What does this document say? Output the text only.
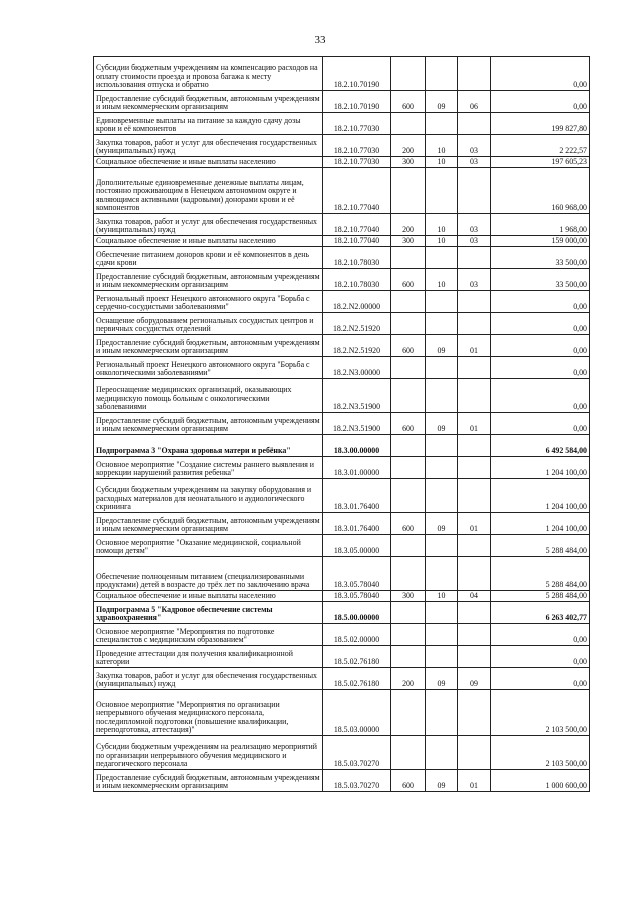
33
Субсидии бюджетным учреждениям на компенсацию расходов на оплату стоимости проезда и провоза багажа к месту использования отпуска и обратно	18.2.10.70190				0,00
Предоставление субсидий бюджетным, автономным учреждениям и иным некоммерческим организациям	18.2.10.70190	600	09	06	0,00
Единовременные выплаты на питание за каждую сдачу дозы крови и её компонентов	18.2.10.77030				199 827,80
Закупка товаров, работ и услуг для обеспечения государственных (муниципальных) нужд	18.2.10.77030	200	10	03	2 222,57
Социальное обеспечение и иные выплаты населению	18.2.10.77030	300	10	03	197 605,23
Дополнительные единовременные денежные выплаты лицам, постоянно проживающим в Ненецком автономном округе и являющимся активными (кадровыми) донорами крови и её компонентов	18.2.10.77040				160 968,00
Закупка товаров, работ и услуг для обеспечения государственных (муниципальных) нужд	18.2.10.77040	200	10	03	1 968,00
Социальное обеспечение и иные выплаты населению	18.2.10.77040	300	10	03	159 000,00
Обеспечение питанием доноров крови и её компонентов в день сдачи крови	18.2.10.78030				33 500,00
Предоставление субсидий бюджетным, автономным учреждениям и иным некоммерческим организациям	18.2.10.78030	600	10	03	33 500,00
Региональный проект Ненецкого автономного округа "Борьба с сердечно-сосудистыми заболеваниями"	18.2.N2.00000				0,00
Оснащение оборудованием региональных сосудистых центров и первичных сосудистых отделений	18.2.N2.51920				0,00
Предоставление субсидий бюджетным, автономным учреждениям и иным некоммерческим организациям	18.2.N2.51920	600	09	01	0,00
Региональный проект Ненецкого автономного округа "Борьба с онкологическими заболеваниями"	18.2.N3.00000				0,00
Переоснащение медицинских организаций, оказывающих медицинскую помощь больным с онкологическими заболеваниями	18.2.N3.51900				0,00
Предоставление субсидий бюджетным, автономным учреждениям и иным некоммерческим организациям	18.2.N3.51900	600	09	01	0,00
Подпрограмма 3 "Охрана здоровья матери и ребёнка"	18.3.00.00000				6 492 584,00
Основное мероприятие "Создание системы раннего выявления и коррекции нарушений развития ребенка"	18.3.01.00000				1 204 100,00
Субсидии бюджетным учреждениям на закупку оборудования и расходных материалов для неонатального и аудиологического скрининга	18.3.01.76400				1 204 100,00
Предоставление субсидий бюджетным, автономным учреждениям и иным некоммерческим организациям	18.3.01.76400	600	09	01	1 204 100,00
Основное мероприятие "Оказание медицинской, социальной помощи детям"	18.3.05.00000				5 288 484,00
Обеспечение полноценным питанием (специализированными продуктами) детей в возрасте до трёх лет по заключению врача	18.3.05.78040				5 288 484,00
Социальное обеспечение и иные выплаты населению	18.3.05.78040	300	10	04	5 288 484,00
Подпрограмма 5 "Кадровое обеспечение системы здравоохранения"	18.5.00.00000				6 263 402,77
Основное мероприятие "Мероприятия по подготовке специалистов с медицинским образованием"	18.5.02.00000				0,00
Проведение аттестации для получения квалификационной категории	18.5.02.76180				0,00
Закупка товаров, работ и услуг для обеспечения государственных (муниципальных) нужд	18.5.02.76180	200	09	09	0,00
Основное мероприятие "Мероприятия по организации непрерывного обучения медицинского персонала, последипломной подготовки (повышение квалификации, переподготовка, аттестация)"	18.5.03.00000				2 103 500,00
Субсидии бюджетным учреждениям на реализацию мероприятий по организации непрерывного обучения медицинского и педагогического персонала	18.5.03.70270				2 103 500,00
Предоставление субсидий бюджетным, автономным учреждениям и иным некоммерческим организациям	18.5.03.70270	600	09	01	1 000 600,00
